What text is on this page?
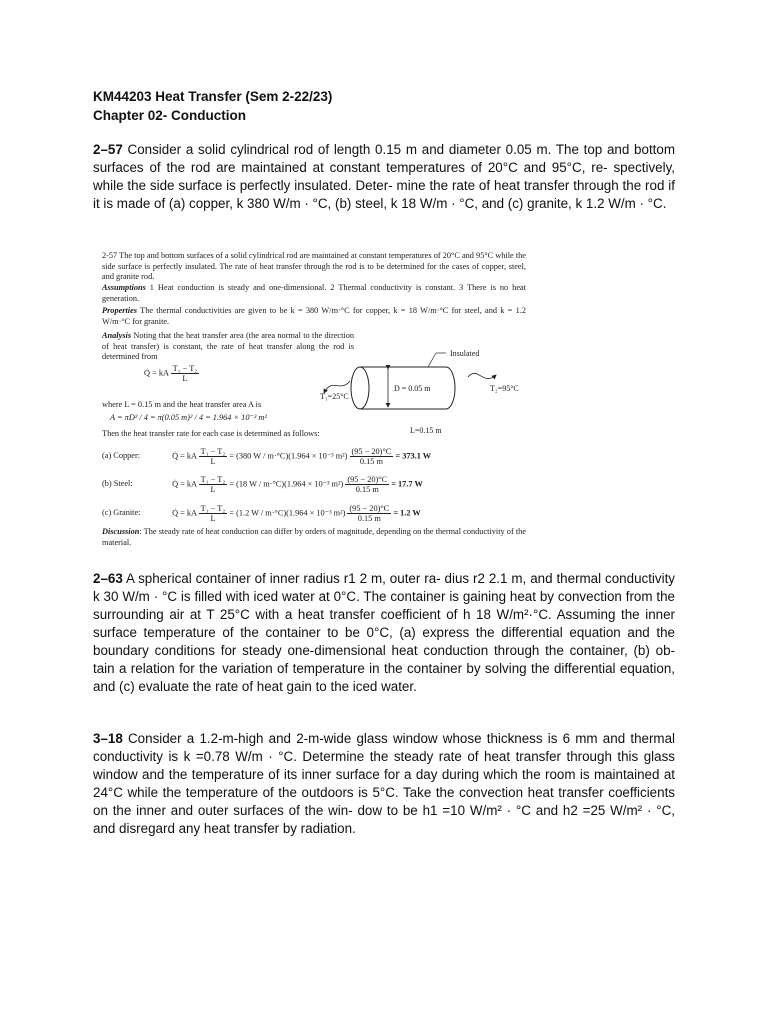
KM44203 Heat Transfer (Sem 2-22/23)
Chapter 02- Conduction
2–57 Consider a solid cylindrical rod of length 0.15 m and diameter 0.05 m. The top and bottom surfaces of the rod are maintained at constant temperatures of 20°C and 95°C, re- spectively, while the side surface is perfectly insulated. Deter- mine the rate of heat transfer through the rod if it is made of (a) copper, k 380 W/m · °C, (b) steel, k 18 W/m · °C, and (c) granite, k 1.2 W/m · °C.
2-57 The top and bottom surfaces of a solid cylindrical rod are maintained at constant temperatures of 20°C and 95°C while the side surface is perfectly insulated. The rate of heat transfer through the rod is to be determined for the cases of copper, steel, and granite rod.
Assumptions 1 Heat conduction is steady and one-dimensional. 2 Thermal conductivity is constant. 3 There is no heat generation.
Properties The thermal conductivities are given to be k = 380 W/m·°C for copper, k = 18 W/m·°C for steel, and k = 1.2 W/m·°C for granite.
Analysis Noting that the heat transfer area (the area normal to the direction of heat transfer) is constant, the rate of heat transfer along the rod is determined from
Q̇ = kA $\frac{\text{T₁ − T₂}}{L}$
where L = 0.15 m and the heat transfer area A is
A = πD² / 4 = π(0.05 m)² / 4 = 1.964 × 10⁻³ m²
Then the heat transfer rate for each case is determined as follows:
(a) Copper:	Q̇ = kA $\frac{\text{T₁ − T₂}}{L} = (380$ W / m·°C)(1.964 × 10⁻³ $m^2) \frac{(95 - 20)^\circ C}{0.15 m} = 373.1$ W
(b) Steel:	Q̇ = kA $\frac{\text{T₁ − T₂}}{L} = (18$ W / m·°C)(1.964 × 10⁻³ $m^2) \frac{(95 - 20)^\circ C}{0.15 m} = 17.7$ W
(c) Granite:	Q̇ = kA $\frac{\text{T₁ − T₂}}{L} = (1.2$ W / m·°C)(1.964 × 10⁻³ $m^2) \frac{(95 - 20)^\circ C}{0.15 m} = 1.2$ W
Discussion: The steady rate of heat conduction can differ by orders of magnitude, depending on the thermal conductivity of the material.
Insulated
D = 0.05 m
T₁=25°C
T₂=95°C
L=0.15 m
2–63 A spherical container of inner radius r1 2 m, outer ra- dius r2 2.1 m, and thermal conductivity k 30 W/m · °C is filled with iced water at 0°C. The container is gaining heat by convection from the surrounding air at T 25°C with a heat transfer coefficient of h 18 W/m²·°C. Assuming the inner surface temperature of the container to be 0°C, (a) express the differential equation and the boundary conditions for steady one-dimensional heat conduction through the container, (b) ob- tain a relation for the variation of temperature in the container by solving the differential equation, and (c) evaluate the rate of heat gain to the iced water.
3–18 Consider a 1.2-m-high and 2-m-wide glass window whose thickness is 6 mm and thermal conductivity is k =0.78 W/m · °C. Determine the steady rate of heat transfer through this glass window and the temperature of its inner surface for a day during which the room is maintained at 24°C while the temperature of the outdoors is 5°C. Take the convection heat transfer coefficients on the inner and outer surfaces of the win- dow to be h1 =10 W/m² · °C and h2 =25 W/m² · °C, and disregard any heat transfer by radiation.
